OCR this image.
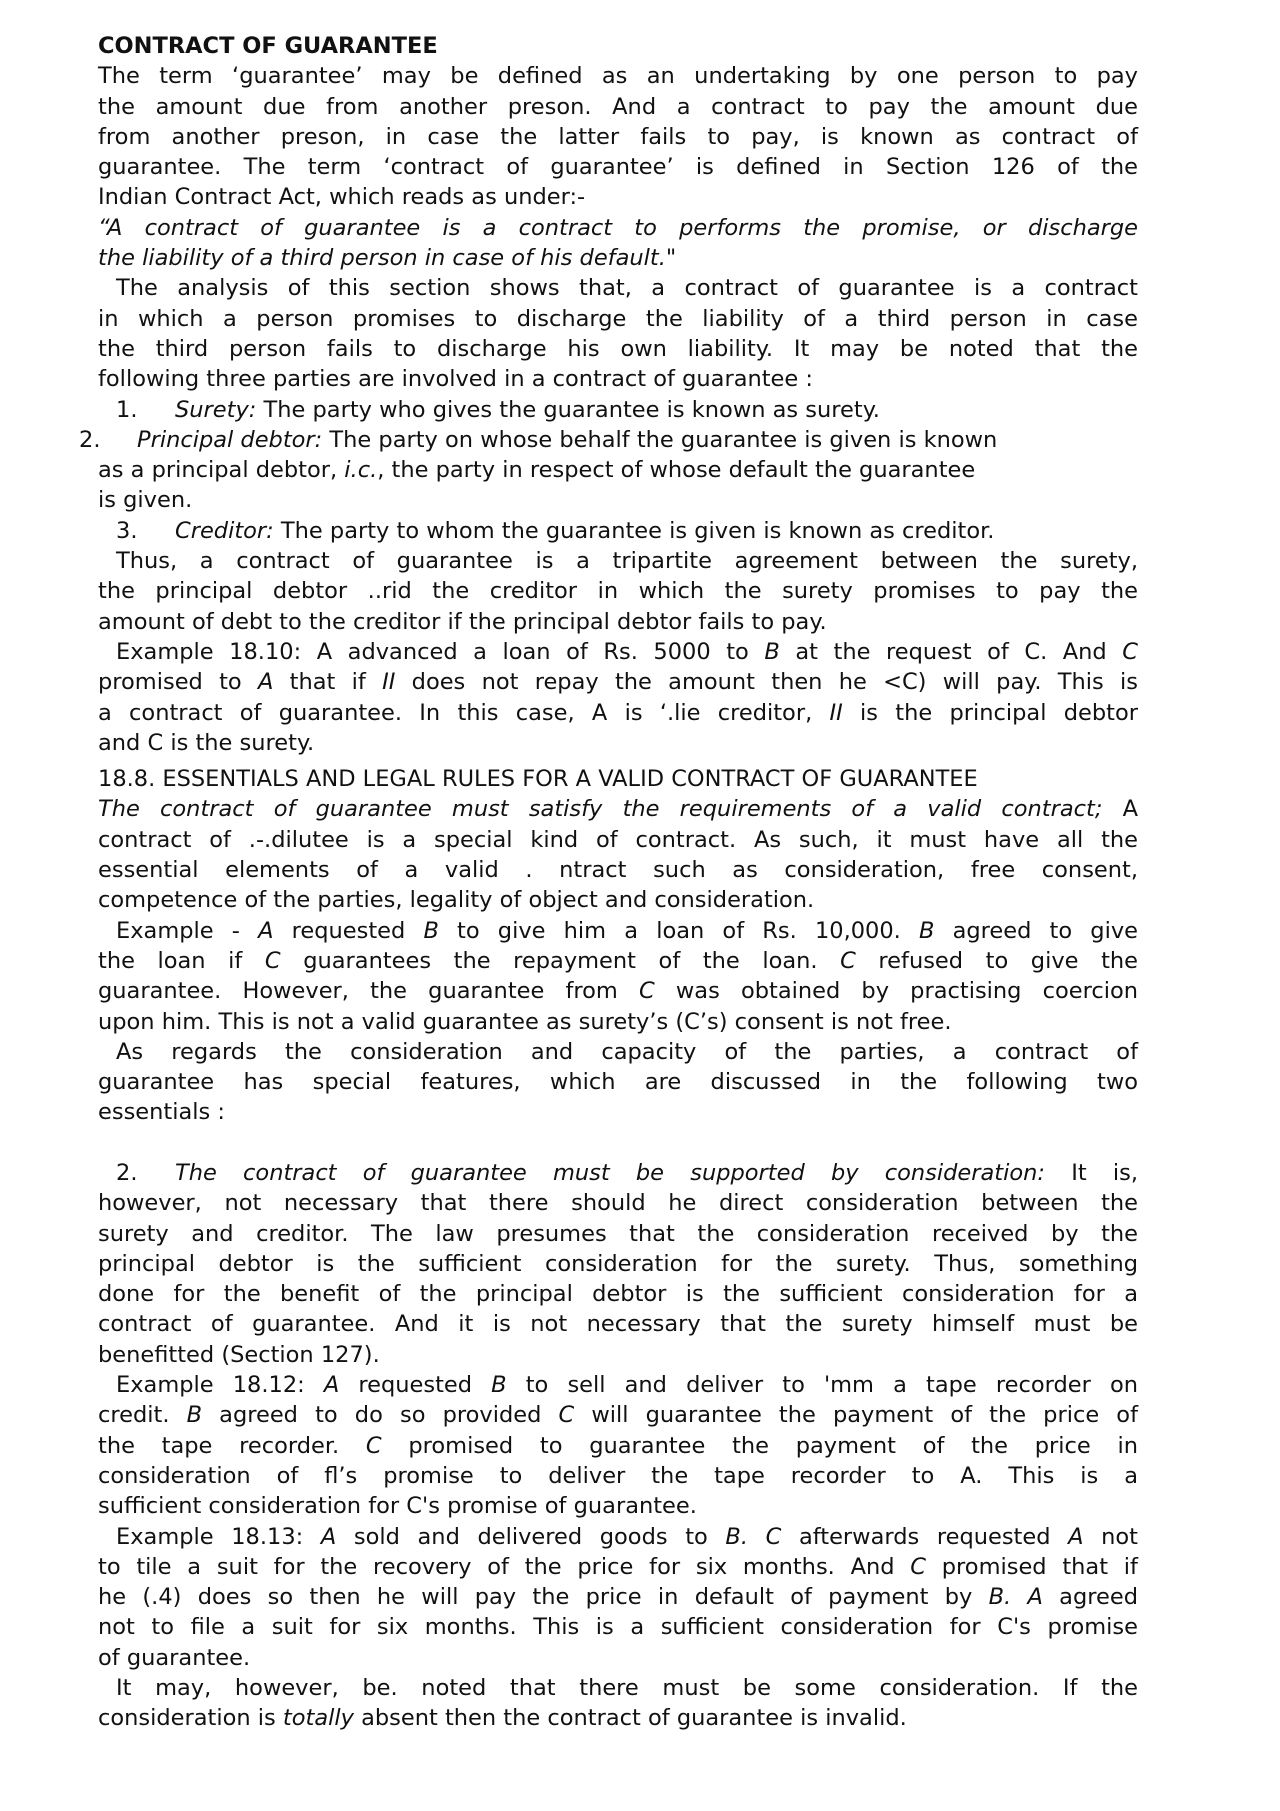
CONTRACT OF GUARANTEE
The term ‘guarantee’ may be defined as an undertaking by one person to pay
the amount due from another preson. And a contract to pay the amount due
from another preson, in case the latter fails to pay, is known as contract of
guarantee. The term ‘contract of guarantee’ is defined in Section 126 of the
Indian Contract Act, which reads as under:-
“A contract of guarantee is a contract to performs the promise, or discharge
the liability of a third person in case of his default."
The analysis of this section shows that, a contract of guarantee is a contract
in which a person promises to discharge the liability of a third person in case
the third person fails to discharge his own liability. It may be noted that the
following three parties are involved in a contract of guarantee :
1. Surety: The party who gives the guarantee is known as surety.
2. Principal debtor: The party on whose behalf the guarantee is given is known
as a principal debtor, i.c., the party in respect of whose default the guarantee
is given.
3. Creditor: The party to whom the guarantee is given is known as creditor.
Thus, a contract of guarantee is a tripartite agreement between the surety,
the principal debtor ..rid the creditor in which the surety promises to pay the
amount of debt to the creditor if the principal debtor fails to pay.
Example 18.10: A advanced a loan of Rs. 5000 to B at the request of C. And C
promised to A that if II does not repay the amount then he <C) will pay. This is
a contract of guarantee. In this case, A is ‘.lie creditor, II is the principal debtor
and C is the surety.
18.8. ESSENTIALS AND LEGAL RULES FOR A VALID CONTRACT OF GUARANTEE
The contract of guarantee must satisfy the requirements of a valid contract; A
contract of .-.dilutee is a special kind of contract. As such, it must have all the
essential elements of a valid . ntract such as consideration, free consent,
competence of the parties, legality of object and consideration.
Example - A requested B to give him a loan of Rs. 10,000. B agreed to give
the loan if C guarantees the repayment of the loan. C refused to give the
guarantee. However, the guarantee from C was obtained by practising coercion
upon him. This is not a valid guarantee as surety’s (C’s) consent is not free.
As regards the consideration and capacity of the parties, a contract of
guarantee has special features, which are discussed in the following two
essentials :
2. The contract of guarantee must be supported by consideration: It is,
however, not necessary that there should he direct consideration between the
surety and creditor. The law presumes that the consideration received by the
principal debtor is the sufficient consideration for the surety. Thus, something
done for the benefit of the principal debtor is the sufficient consideration for a
contract of guarantee. And it is not necessary that the surety himself must be
benefitted (Section 127).
Example 18.12: A requested B to sell and deliver to 'mm a tape recorder on
credit. B agreed to do so provided C will guarantee the payment of the price of
the tape recorder. C promised to guarantee the payment of the price in
consideration of fl’s promise to deliver the tape recorder to A. This is a
sufficient consideration for C's promise of guarantee.
Example 18.13: A sold and delivered goods to B. C afterwards requested A not
to tile a suit for the recovery of the price for six months. And C promised that if
he (.4) does so then he will pay the price in default of payment by B. A agreed
not to file a suit for six months. This is a sufficient consideration for C's promise
of guarantee.
It may, however, be. noted that there must be some consideration. If the
consideration is totally absent then the contract of guarantee is invalid.
